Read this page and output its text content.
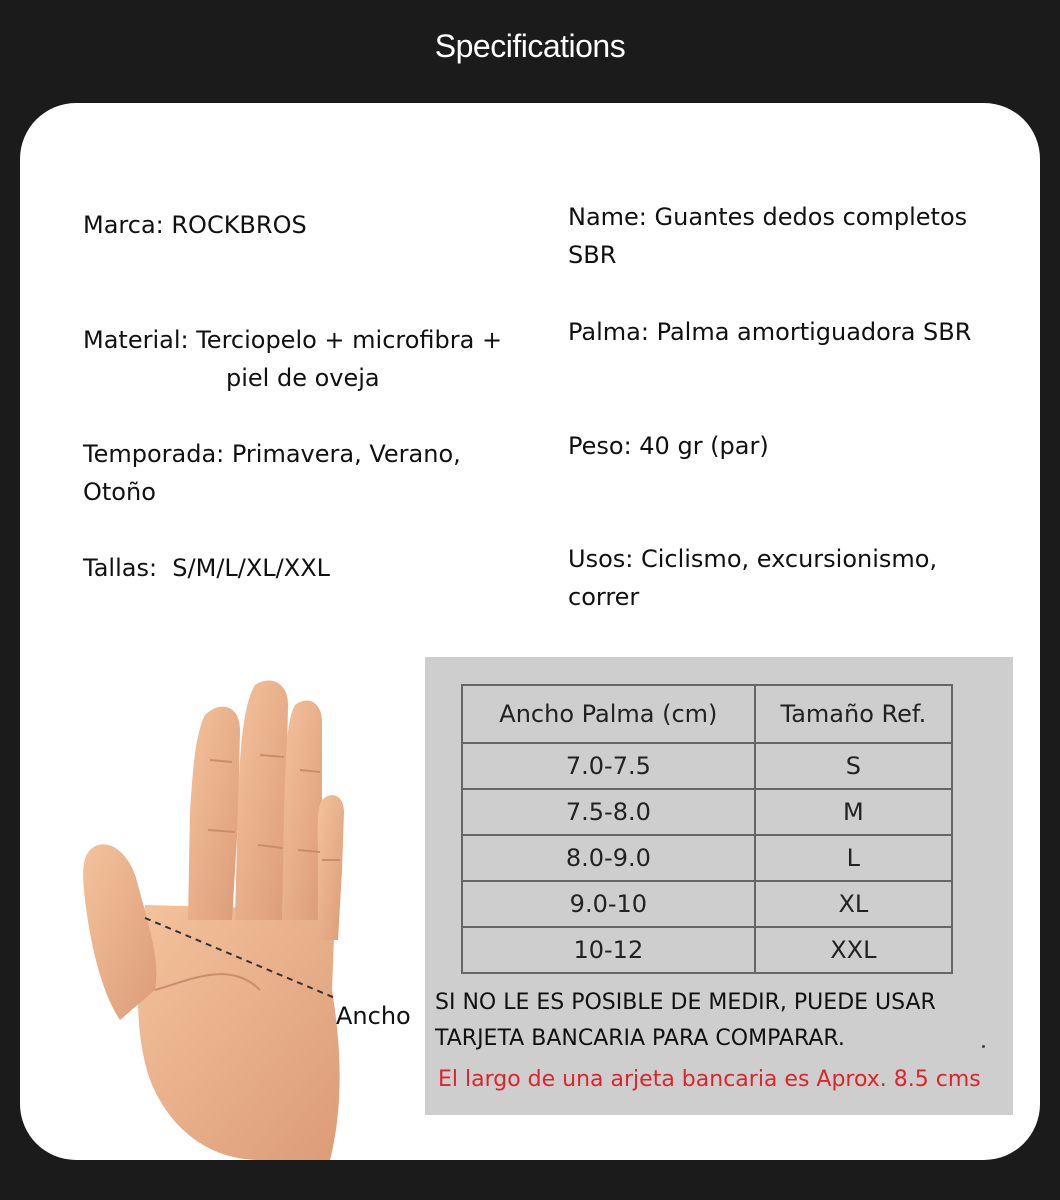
Specifications
Marca: ROCKBROS	Name: Guantes dedos completos
SBR
Material: Terciopelo + microfibra +
piel de oveja
Palma: Palma amortiguadora SBR
Temporada: Primavera, Verano,
Otoño
Peso: 40 gr (par)
Tallas:  S/M/L/XL/XXL	Usos: Ciclismo, excursionismo,
correr
Ancho
Ancho Palma (cm)	Tamaño Ref.
7.0-7.5	S
7.5-8.0	M
8.0-9.0	L
9.0-10	XL
10-12	XXL
SI NO LE ES POSIBLE DE MEDIR, PUEDE USAR
TARJETA BANCARIA PARA COMPARAR.
El largo de una arjeta bancaria es Aprox. 8.5 cms
